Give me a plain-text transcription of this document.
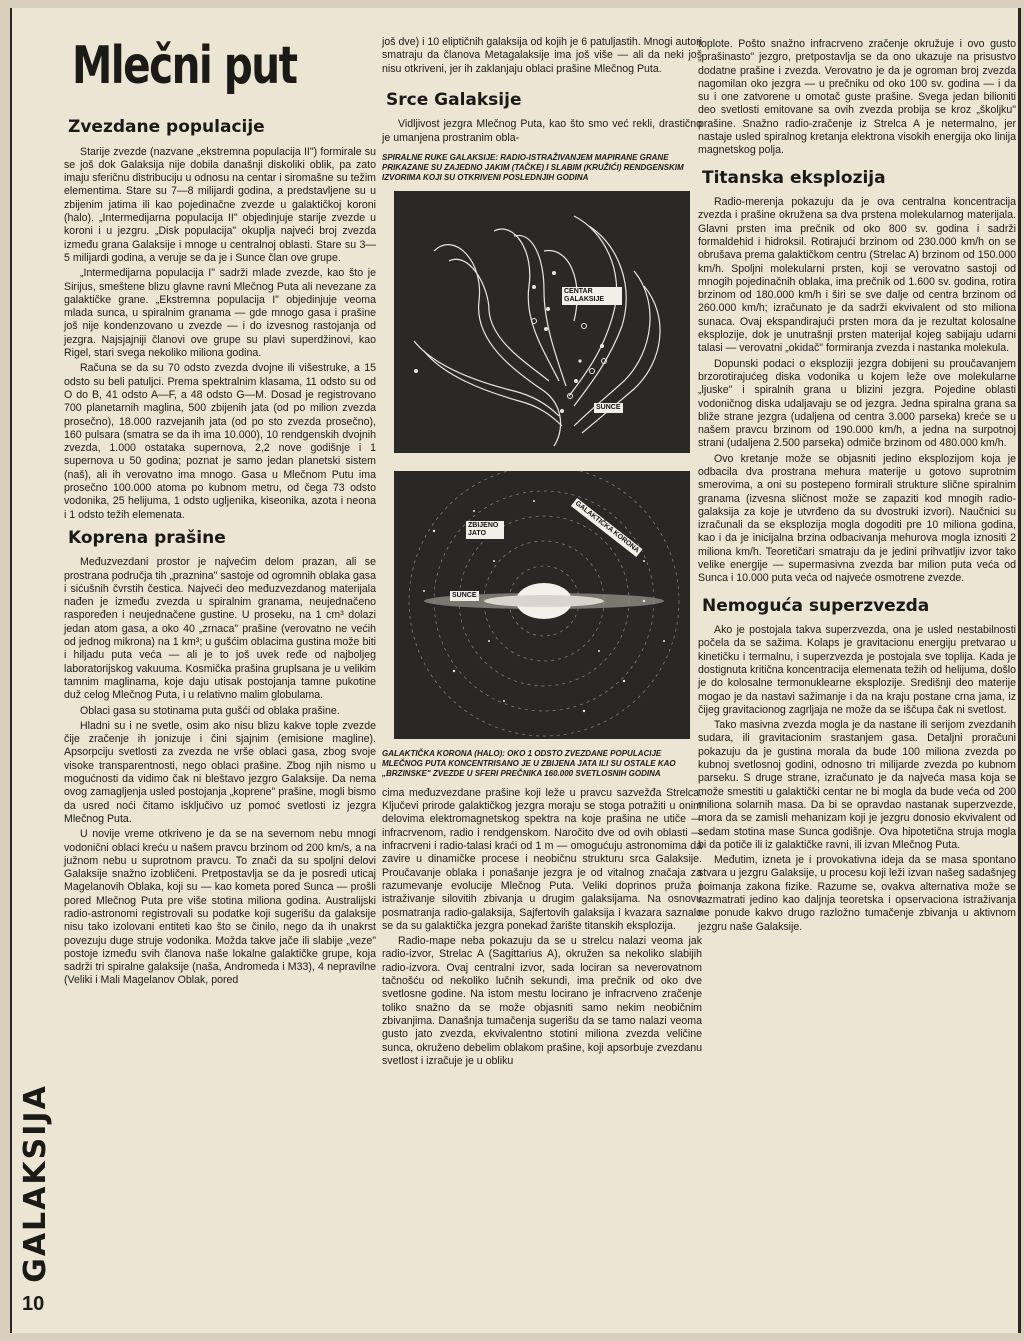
GALAKSIJA
10
Mlečni put
Zvezdane populacije

Starije zvezde (nazvane „ekstremna populacija II") formirale su se još dok Galaksija nije dobila današnji diskoliki oblik, pa zato imaju sferičnu distribuciju u odnosu na centar i siromašne su težim elementima. Stare su 7—8 milijardi godina, a predstavljene su u zbijenim jatima ili kao pojedinačne zvezde u galaktičkoj koroni (halo). „Intermedijarna populacija II" objedinjuje starije zvezde u koroni i u jezgru. „Disk populacija" okuplja najveći broj zvezda između grana Galaksije i mnoge u centralnoj oblasti. Stare su 3—5 milijardi godina, a veruje se da je i Sunce član ove grupe.

„Intermedijarna populacija I" sadrži mlade zvezde, kao što je Sirijus, smeštene blizu glavne ravni Mlečnog Puta ali nevezane za galaktičke grane. „Ekstremna populacija I" objedinjuje veoma mlada sunca, u spiralnim granama — gde mnogo gasa i prašine još nije kondenzovano u zvezde — i do izvesnog rastojanja od jezgra. Najsjajniji članovi ove grupe su plavi superdžinovi, kao Rigel, stari svega nekoliko miliona godina.

Računa se da su 70 odsto zvezda dvojne ili višestruke, a 15 odsto su beli patuljci. Prema spektralnim klasama, 11 odsto su od O do B, 41 odsto A—F, a 48 odsto G—M. Dosad je registrovano 700 planetarnih maglina, 500 zbijenih jata (od po milion zvezda prosečno), 18.000 razvejanih jata (od po sto zvezda prosečno), 160 pulsara (smatra se da ih ima 10.000), 10 rendgenskih dvojnih zvezda, 1.000 ostataka supernova, 2,2 nove godišnje i 1 supernova u 50 godina; poznat je samo jedan planetski sistem (naš), ali ih verovatno ima mnogo. Gasa u Mlečnom Putu ima prosečno 100.000 atoma po kubnom metru, od čega 73 odsto vodonika, 25 helijuma, 1 odsto ugljenika, kiseonika, azota i neona i 1 odsto težih elemenata.

Koprena prašine

Međuzvezdani prostor je najvećim delom prazan, ali se prostrana područja tih „praznina" sastoje od ogromnih oblaka gasa i sićušnih čvrstih čestica. Najveći deo međuzvezdanog materijala nađen je između zvezda u spiralnim granama, neujednačeno raspoređen i neujednačene gustine. U proseku, na 1 cm³ dolazi jedan atom gasa, a oko 40 „zrnaca" prašine (verovatno ne većih od jednog mikrona) na 1 km³; u gušćim oblacima gustina može biti i hiljadu puta veća — ali je to još uvek ređe od najboljeg laboratorijskog vakuuma. Kosmička prašina gruplsana je u velikim tamnim maglinama, koje daju utisak postojanja tamne pukotine duž celog Mlečnog Puta, i u relativno malim globulama.

Oblaci gasa su stotinama puta gušći od oblaka prašine.

Hladni su i ne svetle, osim ako nisu blizu kakve tople zvezde čije zračenje ih jonizuje i čini sjajnim (emisione magline). Apsorpciju svetlosti za zvezda ne vrše oblaci gasa, zbog svoje visoke transparentnosti, nego oblaci prašine. Zbog njih nismo u mogućnosti da vidimo čak ni bleštavo jezgro Galaksije. Da nema ovog zamagljenja usled postojanja „koprene" prašine, mogli bismo da usred noći čitamo isključivo uz pomoć svetlosti iz jezgra Mlečnog Puta.

U novije vreme otkriveno je da se na severnom nebu mnogi vodonični oblaci kreću u našem pravcu brzinom od 200 km/s, a na južnom nebu u suprotnom pravcu. To znači da su spoljni delovi Galaksije snažno izobličeni. Pretpostavlja se da je posredi uticaj Magelanovih Oblaka, koji su — kao kometa pored Sunca — prošli pored Mlečnog Puta pre više stotina miliona godina. Australijski radio-astronomi registrovali su podatke koji sugerišu da galaksije nisu tako izolovani entiteti kao što se činilo, nego da ih unakrst povezuju duge struje vodonika. Možda takve jače ili slabije „veze" postoje između svih članova naše lokalne galaktičke grupe, koja sadrži tri spiralne galaksije (naša, Andromeda i M33), 4 nepravilne (Veliki i Mali Magelanov Oblak, pored

još dve) i 10 eliptičnih galaksija od kojih je 6 patuljastih. Mnogi autori smatraju da članova Metagalaksije ima još više — ali da neki još nisu otkriveni, jer ih zaklanjaju oblaci prašine Mlečnog Puta.

Srce Galaksije

Vidljivost jezgra Mlečnog Puta, kao što smo već rekli, drastično je umanjena prostranim obla-

SPIRALNE RUKE GALAKSIJE: RADIO-ISTRAŽIVANJEM MAPIRANE GRANE PRIKAZANE SU ZAJEDNO JAKIM (TAČKE) I SLABIM (KRUŽIĆI) RENDGENSKIM IZVORIMA KOJI SU OTKRIVENI POSLEDNJIH GODINA
CENTAR GALAKSIJE
SUNCE
GALAKTIČKA KORONA
ZBIJENO JATO
SUNCE
GALAKTIČKA KORONA (HALO): OKO 1 ODSTO ZVEZDANE POPULACIJE MLEČNOG PUTA KONCENTRISANO JE U ZBIJENA JATA ILI SU OSTALE KAO „BRZINSKE" ZVEZDE U SFERI PREČNIKA 160.000 SVETLOSNIH GODINA

cima međuzvezdane prašine koji leže u pravcu sazvežđa Strelca. Ključevi prirode galaktičkog jezgra moraju se stoga potražiti u onim delovima elektromagnetskog spektra na koje prašina ne utiče — infracrvenom, radio i rendgenskom. Naročito dve od ovih oblasti — infracrveni i radio-talasi kraći od 1 m — omogućuju astronomima da zavire u dinamičke procese i neobičnu strukturu srca Galaksije. Proučavanje oblaka i ponašanje jezgra je od vitalnog značaja za razumevanje evolucije Mlečnog Puta. Veliki doprinos pruža i istraživanje silovitih zbivanja u drugim galaksijama. Na osnovu posmatranja radio-galaksija, Sajfertovih galaksija i kvazara saznalo se da su galaktička jezgra ponekad žarište titanskih eksplozija.

Radio-mape neba pokazuju da se u strelcu nalazi veoma jak radio-izvor, Strelac A (Sagittarius A), okružen sa nekoliko slabijih radio-izvora. Ovaj centralni izvor, sada lociran sa neverovatnom tačnošću od nekoliko lučnih sekundi, ima prečnik od oko dve svetlosne godine. Na istom mestu locirano je infracrveno zračenje toliko snažno da se može objasniti samo nekim neobičnim zbivanjima. Današnja tumačenja sugerišu da se tamo nalazi veoma gusto jato zvezda, ekvivalentno stotini miliona zvezda veličine sunca, okruženo debelim oblakom prašine, koji apsorbuje zvezdanu svetlost i izračuje je u obliku

toplote. Pošto snažno infracrveno zračenje okružuje i ovo gusto „prašinasto" jezgro, pretpostavlja se da ono ukazuje na prisustvo dodatne prašine i zvezda. Verovatno je da je ogroman broj zvezda nagomilan oko jezgra — u prečniku od oko 100 sv. godina — i da su i one zatvorene u omotač guste prašine. Svega jedan bilioniti deo svetlosti emitovane sa ovih zvezda probija se kroz „školjku" prašine. Snažno radio-zračenje iz Strelca A je netermalno, jer nastaje usled spiralnog kretanja elektrona visokih energija oko linija magnetskog polja.

Titanska eksplozija

Radio-merenja pokazuju da je ova centralna koncentracija zvezda i prašine okružena sa dva prstena molekularnog materijala. Glavni prsten ima prečnik od oko 800 sv. godina i sadrži formaldehid i hidroksil. Rotirajući brzinom od 230.000 km/h on se obrušava prema galaktičkom centru (Strelac A) brzinom od 150.000 km/h. Spoljni molekularni prsten, koji se verovatno sastoji od mnogih pojedinačnih oblaka, ima prečnik od 1.600 sv. godina, rotira brzinom od 180.000 km/h i širi se sve dalje od centra brzinom od 260.000 km/h; izračunato je da sadrži ekvivalent od sto miliona sunaca. Ovaj ekspandirajući prsten mora da je rezultat kolosalne eksplozije, dok je unutrašnji prsten materijal kojeg sabijaju udarni talasi — verovatni „okidač" formiranja zvezda i nastanka molekula.

Dopunski podaci o eksploziji jezgra dobijeni su proučavanjem brzorotirajućeg diska vodonika u kojem leže ove molekularne „ljuske" i spiralnih grana u blizini jezgra. Pojedine oblasti vodoničnog diska udaljavaju se od jezgra. Jedna spiralna grana sa bliže strane jezgra (udaljena od centra 3.000 parseka) kreće se u našem pravcu brzinom od 190.000 km/h, a jedna na surpotnoj strani (udaljena 2.500 parseka) odmiče brzinom od 480.000 km/h.

Ovo kretanje može se objasniti jedino eksplozijom koja je odbacila dva prostrana mehura materije u gotovo suprotnim smerovima, a oni su postepeno formirali strukture slične spiralnim granama (izvesna sličnost može se zapaziti kod mnogih radio-galaksija za koje je utvrđeno da su dvostruki izvori). Naučnici su izračunali da se eksplozija mogla dogoditi pre 10 miliona godina, kao i da je inicijalna brzina odbacivanja mehurova mogla iznositi 2 miliona km/h. Teoretičari smatraju da je jedini prihvatljiv izvor tako velike energije — supermasivna zvezda bar milion puta veća od Sunca i 10.000 puta veća od najveće osmotrene zvezde.

Nemoguća superzvezda

Ako je postojala takva superzvezda, ona je usled nestabilnosti počela da se sažima. Kolaps je gravitacionu energiju pretvarao u kinetičku i termalnu, i superzvezda je postojala sve toplija. Kada je dostignuta kritična koncentracija elemenata težih od helijuma, došlo je do kolosalne termonuklearne eksplozije. Središnji deo materije mogao je da nastavi sažimanje i da na kraju postane crna jama, iz čijeg gravitacionog zagrljaja ne može da se iščupa čak ni svetlost.

Tako masivna zvezda mogla je da nastane ili serijom zvezdanih sudara, ili gravitacionim srastanjem gasa. Detaljni proračuni pokazuju da je gustina morala da bude 100 miliona zvezda po kubnoj svetlosnoj godini, odnosno tri milijarde zvezda po kubnom parseku. S druge strane, izračunato je da najveća masa koja se može smestiti u galaktički centar ne bi mogla da bude veća od 200 miliona solarnih masa. Da bi se opravdao nastanak superzvezde, mora da se zamisli mehanizam koji je jezgru donosio ekvivalent od sedam stotina mase Sunca godišnje. Ova hipotetična struja mogla bi da potiče ili iz galaktičke ravni, ili izvan Mlečnog Puta.

Međutim, izneta je i provokativna ideja da se masa spontano stvara u jezgru Galaksije, u procesu koji leži izvan našeg sadašnjeg poimanja zakona fizike. Razume se, ovakva alternativa može se razmatrati jedino kao daljnja teoretska i opservaciona istraživanja ne ponude kakvo drugo razložno tumačenje zbivanja u aktivnom jezgru naše Galaksije.
